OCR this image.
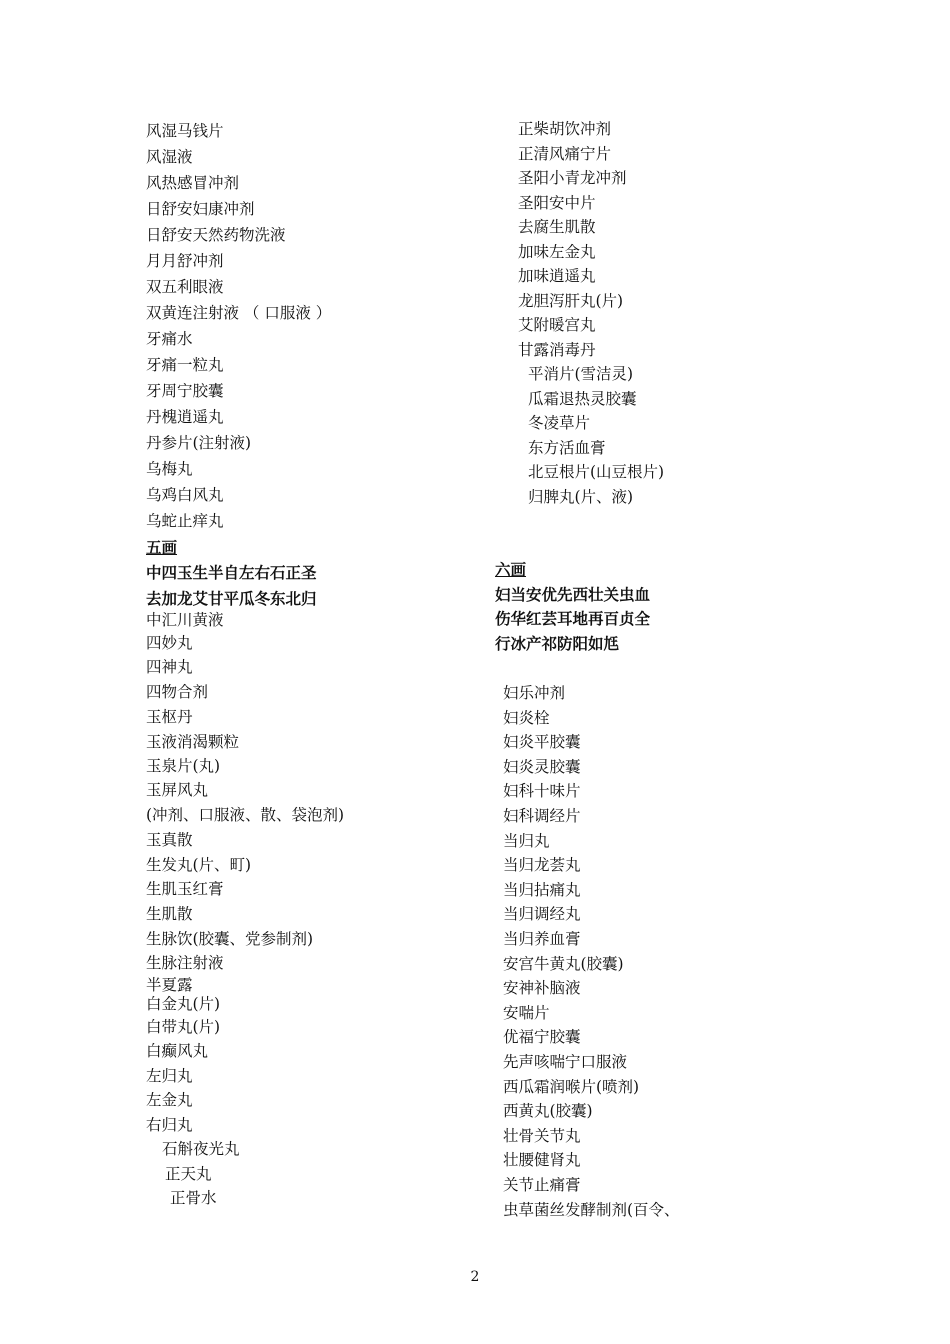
风湿马钱片
风湿液
风热感冒冲剂
日舒安妇康冲剂
日舒安天然药物洗液
月月舒冲剂
双五利眼液
双黄连注射液 （ 口服液 ）
牙痛水
牙痛一粒丸
牙周宁胶囊
丹槐逍遥丸
丹参片(注射液)
乌梅丸
乌鸡白风丸
乌蛇止痒丸
五画
中四玉生半自左右石正圣
去加龙艾甘平瓜冬东北归
中汇川黄液
四妙丸
四神丸
四物合剂
玉枢丹
玉液消渴颗粒
玉泉片(丸)
玉屏风丸
(冲剂、口服液、散、袋泡剂)
玉真散
生发丸(片、町)
生肌玉红膏
生肌散
生脉饮(胶囊、党参制剂)
生脉注射液
半夏露
白金丸(片)
白带丸(片)
白癫风丸
左归丸
左金丸
右归丸
石斛夜光丸
正天丸
正骨水
正柴胡饮冲剂
正清风痛宁片
圣阳小青龙冲剂
圣阳安中片
去腐生肌散
加味左金丸
加味逍遥丸
龙胆泻肝丸(片)
艾附暖宫丸
甘露消毒丹
平消片(雪洁灵)
瓜霜退热灵胶囊
冬凌草片
东方活血膏
北豆根片(山豆根片)
归脾丸(片、液)
六画
妇当安优先西壮关虫血
伤华红芸耳地再百贞全
行冰产祁防阳如尪
妇乐冲剂
妇炎栓
妇炎平胶囊
妇炎灵胶囊
妇科十味片
妇科调经片
当归丸
当归龙荟丸
当归拈痛丸
当归调经丸
当归养血膏
安宫牛黄丸(胶囊)
安神补脑液
安喘片
优福宁胶囊
先声咳喘宁口服液
西瓜霜润喉片(喷剂)
西黄丸(胶囊)
壮骨关节丸
壮腰健肾丸
关节止痛膏
虫草菌丝发酵制剂(百令、
2
